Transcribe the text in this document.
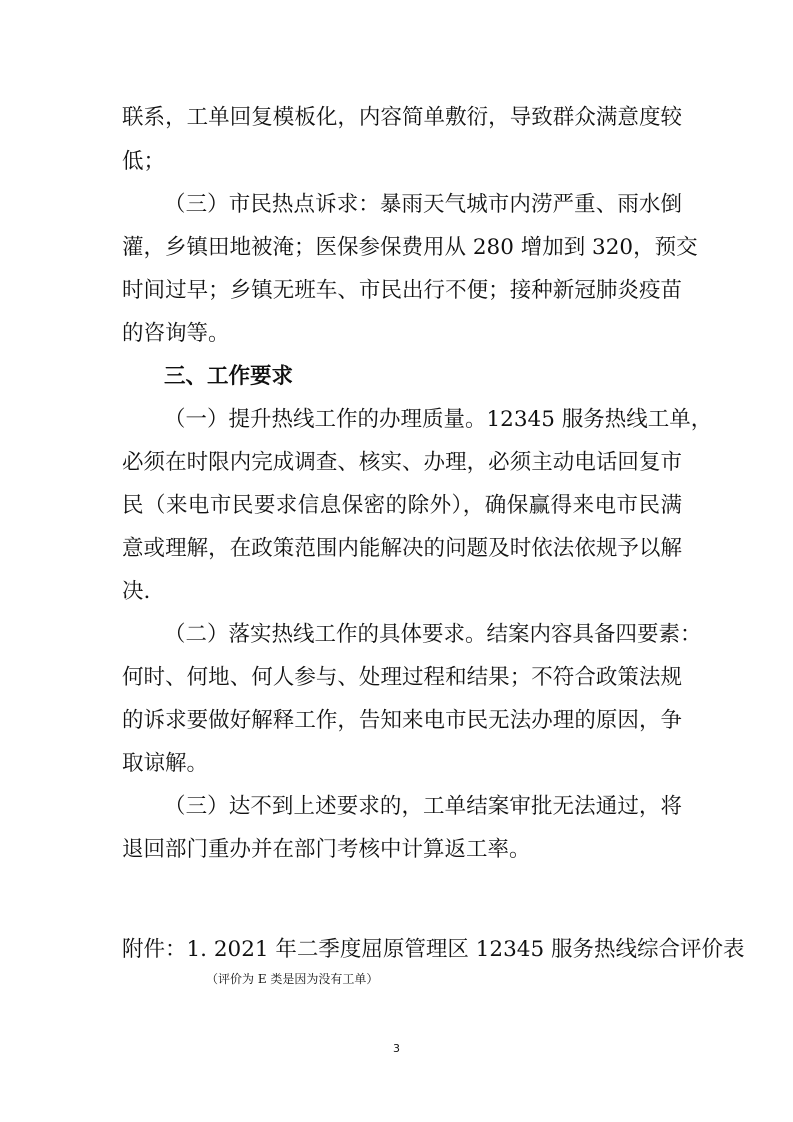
联系，工单回复模板化，内容简单敷衍，导致群众满意度较

低；

（三）市民热点诉求：暴雨天气城市内涝严重、雨水倒

灌，乡镇田地被淹；医保参保费用从 280 增加到 320，预交

时间过早；乡镇无班车、市民出行不便；接种新冠肺炎疫苗

的咨询等。

三、工作要求

（一）提升热线工作的办理质量。12345 服务热线工单，

必须在时限内完成调查、核实、办理，必须主动电话回复市

民（来电市民要求信息保密的除外），确保赢得来电市民满

意或理解，在政策范围内能解决的问题及时依法依规予以解

决.

（二）落实热线工作的具体要求。结案内容具备四要素：

何时、何地、何人参与、处理过程和结果；不符合政策法规

的诉求要做好解释工作，告知来电市民无法办理的原因，争

取谅解。

（三）达不到上述要求的，工单结案审批无法通过，将

退回部门重办并在部门考核中计算返工率。

附件：1. 2021 年二季度屈原管理区 12345 服务热线综合评价表

（评价为 E 类是因为没有工单）
3
